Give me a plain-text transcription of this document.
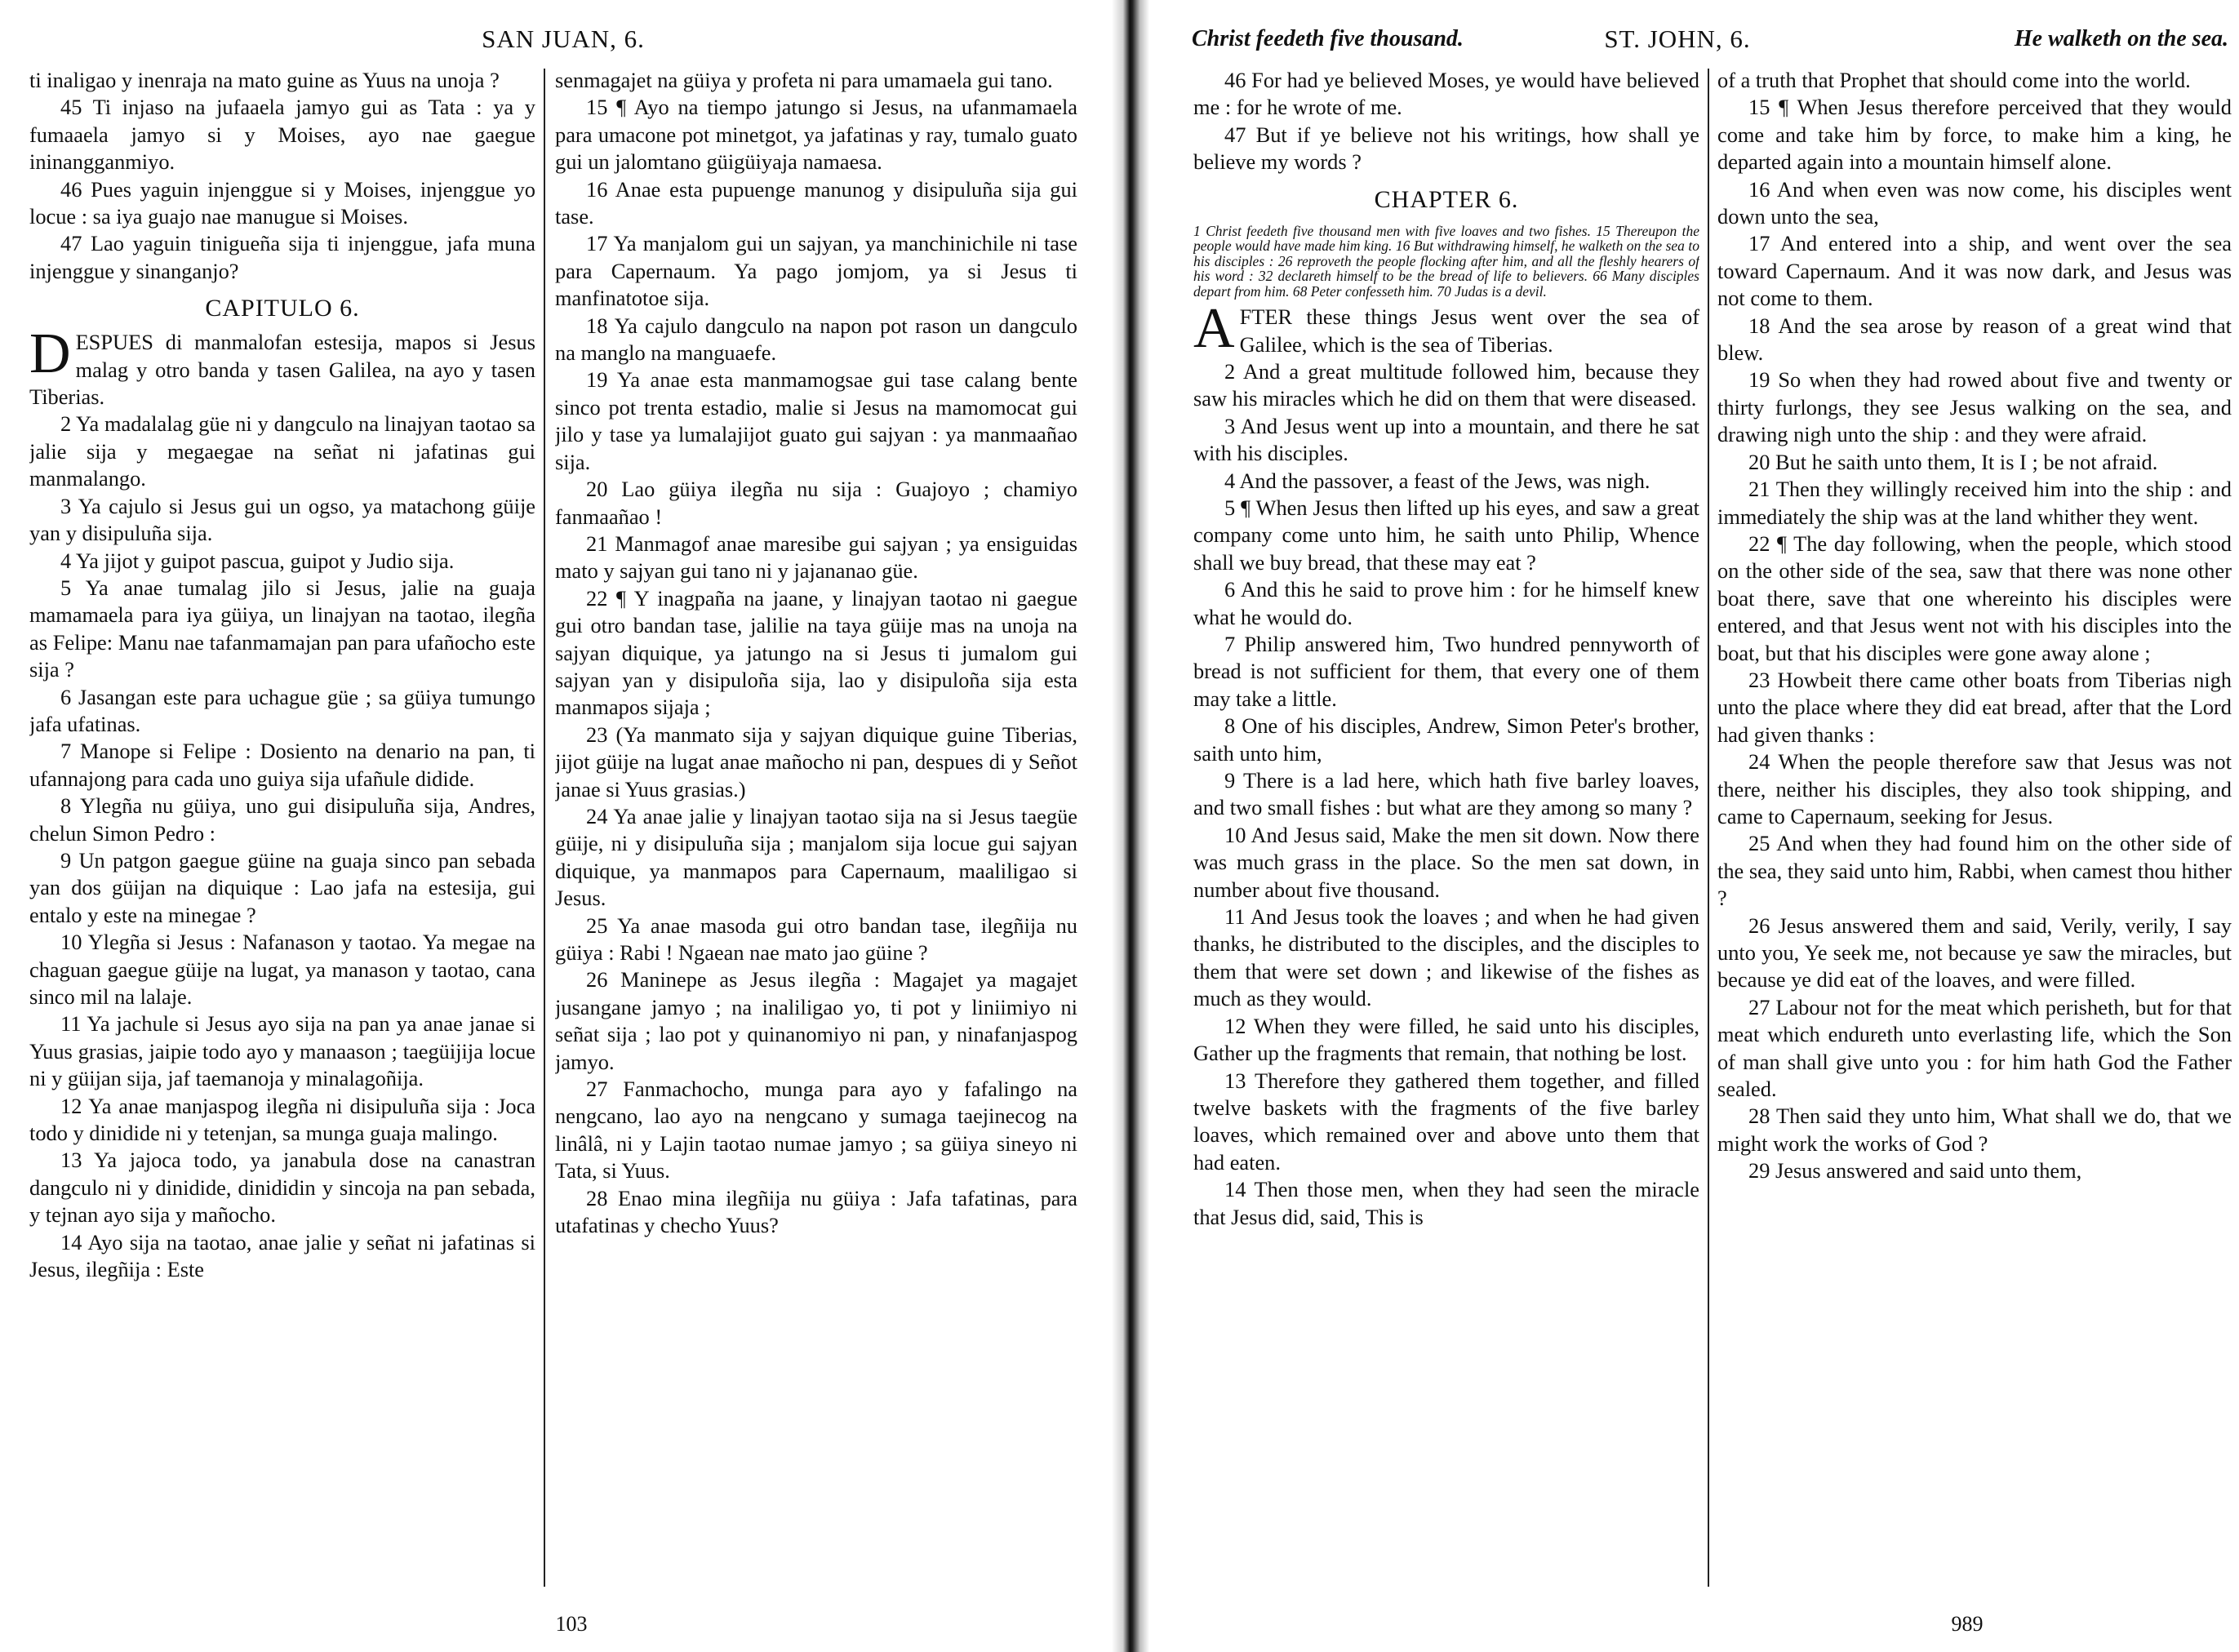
SAN JUAN, 6.

ti inaligao y inenraja na mato guine as Yuus na unoja ?

45 Ti injaso na jufaaela jamyo gui as Tata : ya y fumaaela jamyo si y Moises, ayo nae gaegue ininangganmiyo.

46 Pues yaguin injenggue si y Moises, injenggue yo locue : sa iya guajo nae manugue si Moises.

47 Lao yaguin tinigueña sija ti injenggue, jafa muna injenggue y sinanganjo?

CAPITULO 6.

DESPUES di manmalofan estesija, mapos si Jesus malag y otro banda y tasen Galilea, na ayo y tasen Tiberias.

2 Ya madalalag güe ni y dangculo na linajyan taotao sa jalie sija y megaegae na señat ni jafatinas gui manmalango.

3 Ya cajulo si Jesus gui un ogso, ya matachong güije yan y disipuluña sija.

4 Ya jijot y guipot pascua, guipot y Judio sija.

5 Ya anae tumalag jilo si Jesus, jalie na guaja mamamaela para iya güiya, un linajyan na taotao, ilegña as Felipe: Manu nae tafanmamajan pan para ufañocho este sija ?

6 Jasangan este para uchague güe ; sa güiya tumungo jafa ufatinas.

7 Manope si Felipe : Dosiento na denario na pan, ti ufannajong para cada uno guiya sija ufañule didide.

8 Ylegña nu güiya, uno gui disipuluña sija, Andres, chelun Simon Pedro :

9 Un patgon gaegue güine na guaja sinco pan sebada yan dos güijan na diquique : Lao jafa na estesija, gui entalo y este na minegae ?

10 Ylegña si Jesus : Nafanason y taotao. Ya megae na chaguan gaegue güije na lugat, ya manason y taotao, cana sinco mil na lalaje.

11 Ya jachule si Jesus ayo sija na pan ya anae janae si Yuus grasias, jaipie todo ayo y manaason ; taegüijija locue ni y güijan sija, jaf taemanoja y minalagoñija.

12 Ya anae manjaspog ilegña ni disipuluña sija : Joca todo y dinidide ni y tetenjan, sa munga guaja malingo.

13 Ya jajoca todo, ya janabula dose na canastran dangculo ni y dinidide, dinididin y sincoja na pan sebada, y tejnan ayo sija y mañocho.

14 Ayo sija na taotao, anae jalie y señat ni jafatinas si Jesus, ilegñija : Este

senmagajet na güiya y profeta ni para umamaela gui tano.

15 ¶ Ayo na tiempo jatungo si Jesus, na ufanmamaela para umacone pot minetgot, ya jafatinas y ray, tumalo guato gui un jalomtano güigüiyaja namaesa.

16 Anae esta pupuenge manunog y disipuluña sija gui tase.

17 Ya manjalom gui un sajyan, ya manchinichile ni tase para Capernaum. Ya pago jomjom, ya si Jesus ti manfinatotoe sija.

18 Ya cajulo dangculo na napon pot rason un dangculo na manglo na manguaefe.

19 Ya anae esta manmamogsae gui tase calang bente sinco pot trenta estadio, malie si Jesus na mamomocat gui jilo y tase ya lumalajijot guato gui sajyan : ya manmaañao sija.

20 Lao güiya ilegña nu sija : Guajoyo ; chamiyo fanmaañao !

21 Manmagof anae maresibe gui sajyan ; ya ensiguidas mato y sajyan gui tano ni y jajananao güe.

22 ¶ Y inagpaña na jaane, y linajyan taotao ni gaegue gui otro bandan tase, jalilie na taya güije mas na unoja na sajyan diquique, ya jatungo na si Jesus ti jumalom gui sajyan yan y disipuloña sija, lao y disipuloña sija esta manmapos sijaja ;

23 (Ya manmato sija y sajyan diquique guine Tiberias, jijot güije na lugat anae mañocho ni pan, despues di y Señot janae si Yuus grasias.)

24 Ya anae jalie y linajyan taotao sija na si Jesus taegüe güije, ni y disipuluña sija ; manjalom sija locue gui sajyan diquique, ya manmapos para Capernaum, maaliligao si Jesus.

25 Ya anae masoda gui otro bandan tase, ilegñija nu güiya : Rabi ! Ngaean nae mato jao güine ?

26 Maninepe as Jesus ilegña : Magajet ya magajet jusangane jamyo ; na inaliligao yo, ti pot y liniimiyo ni señat sija ; lao pot y quinanomiyo ni pan, y ninafanjaspog jamyo.

27 Fanmachocho, munga para ayo y fafalingo na nengcano, lao ayo na nengcano y sumaga taejinecog na linâlâ, ni y Lajin taotao numae jamyo ; sa güiya sineyo ni Tata, si Yuus.

28 Enao mina ilegñija nu güiya : Jafa tafatinas, para utafatinas y checho Yuus?

103
Christ feedeth five thousand.	ST. JOHN, 6.	He walketh on the sea.

46 For had ye believed Moses, ye would have believed me : for he wrote of me.

47 But if ye believe not his writings, how shall ye believe my words ?

CHAPTER 6.
1 Christ feedeth five thousand men with five loaves and two fishes. 15 Thereupon the people would have made him king. 16 But withdrawing himself, he walketh on the sea to his disciples : 26 reproveth the people flocking after him, and all the fleshly hearers of his word : 32 declareth himself to be the bread of life to believers. 66 Many disciples depart from him. 68 Peter confesseth him. 70 Judas is a devil.

AFTER these things Jesus went over the sea of Galilee, which is the sea of Tiberias.

2 And a great multitude followed him, because they saw his miracles which he did on them that were diseased.

3 And Jesus went up into a mountain, and there he sat with his disciples.

4 And the passover, a feast of the Jews, was nigh.

5 ¶ When Jesus then lifted up his eyes, and saw a great company come unto him, he saith unto Philip, Whence shall we buy bread, that these may eat ?

6 And this he said to prove him : for he himself knew what he would do.

7 Philip answered him, Two hundred pennyworth of bread is not sufficient for them, that every one of them may take a little.

8 One of his disciples, Andrew, Simon Peter's brother, saith unto him,

9 There is a lad here, which hath five barley loaves, and two small fishes : but what are they among so many ?

10 And Jesus said, Make the men sit down. Now there was much grass in the place. So the men sat down, in number about five thousand.

11 And Jesus took the loaves ; and when he had given thanks, he distributed to the disciples, and the disciples to them that were set down ; and likewise of the fishes as much as they would.

12 When they were filled, he said unto his disciples, Gather up the fragments that remain, that nothing be lost.

13 Therefore they gathered them together, and filled twelve baskets with the fragments of the five barley loaves, which remained over and above unto them that had eaten.

14 Then those men, when they had seen the miracle that Jesus did, said, This is

of a truth that Prophet that should come into the world.

15 ¶ When Jesus therefore perceived that they would come and take him by force, to make him a king, he departed again into a mountain himself alone.

16 And when even was now come, his disciples went down unto the sea,

17 And entered into a ship, and went over the sea toward Capernaum. And it was now dark, and Jesus was not come to them.

18 And the sea arose by reason of a great wind that blew.

19 So when they had rowed about five and twenty or thirty furlongs, they see Jesus walking on the sea, and drawing nigh unto the ship : and they were afraid.

20 But he saith unto them, It is I ; be not afraid.

21 Then they willingly received him into the ship : and immediately the ship was at the land whither they went.

22 ¶ The day following, when the people, which stood on the other side of the sea, saw that there was none other boat there, save that one whereinto his disciples were entered, and that Jesus went not with his disciples into the boat, but that his disciples were gone away alone ;

23 Howbeit there came other boats from Tiberias nigh unto the place where they did eat bread, after that the Lord had given thanks :

24 When the people therefore saw that Jesus was not there, neither his disciples, they also took shipping, and came to Capernaum, seeking for Jesus.

25 And when they had found him on the other side of the sea, they said unto him, Rabbi, when camest thou hither ?

26 Jesus answered them and said, Verily, verily, I say unto you, Ye seek me, not because ye saw the miracles, but because ye did eat of the loaves, and were filled.

27 Labour not for the meat which perisheth, but for that meat which endureth unto everlasting life, which the Son of man shall give unto you : for him hath God the Father sealed.

28 Then said they unto him, What shall we do, that we might work the works of God ?

29 Jesus answered and said unto them,

989
